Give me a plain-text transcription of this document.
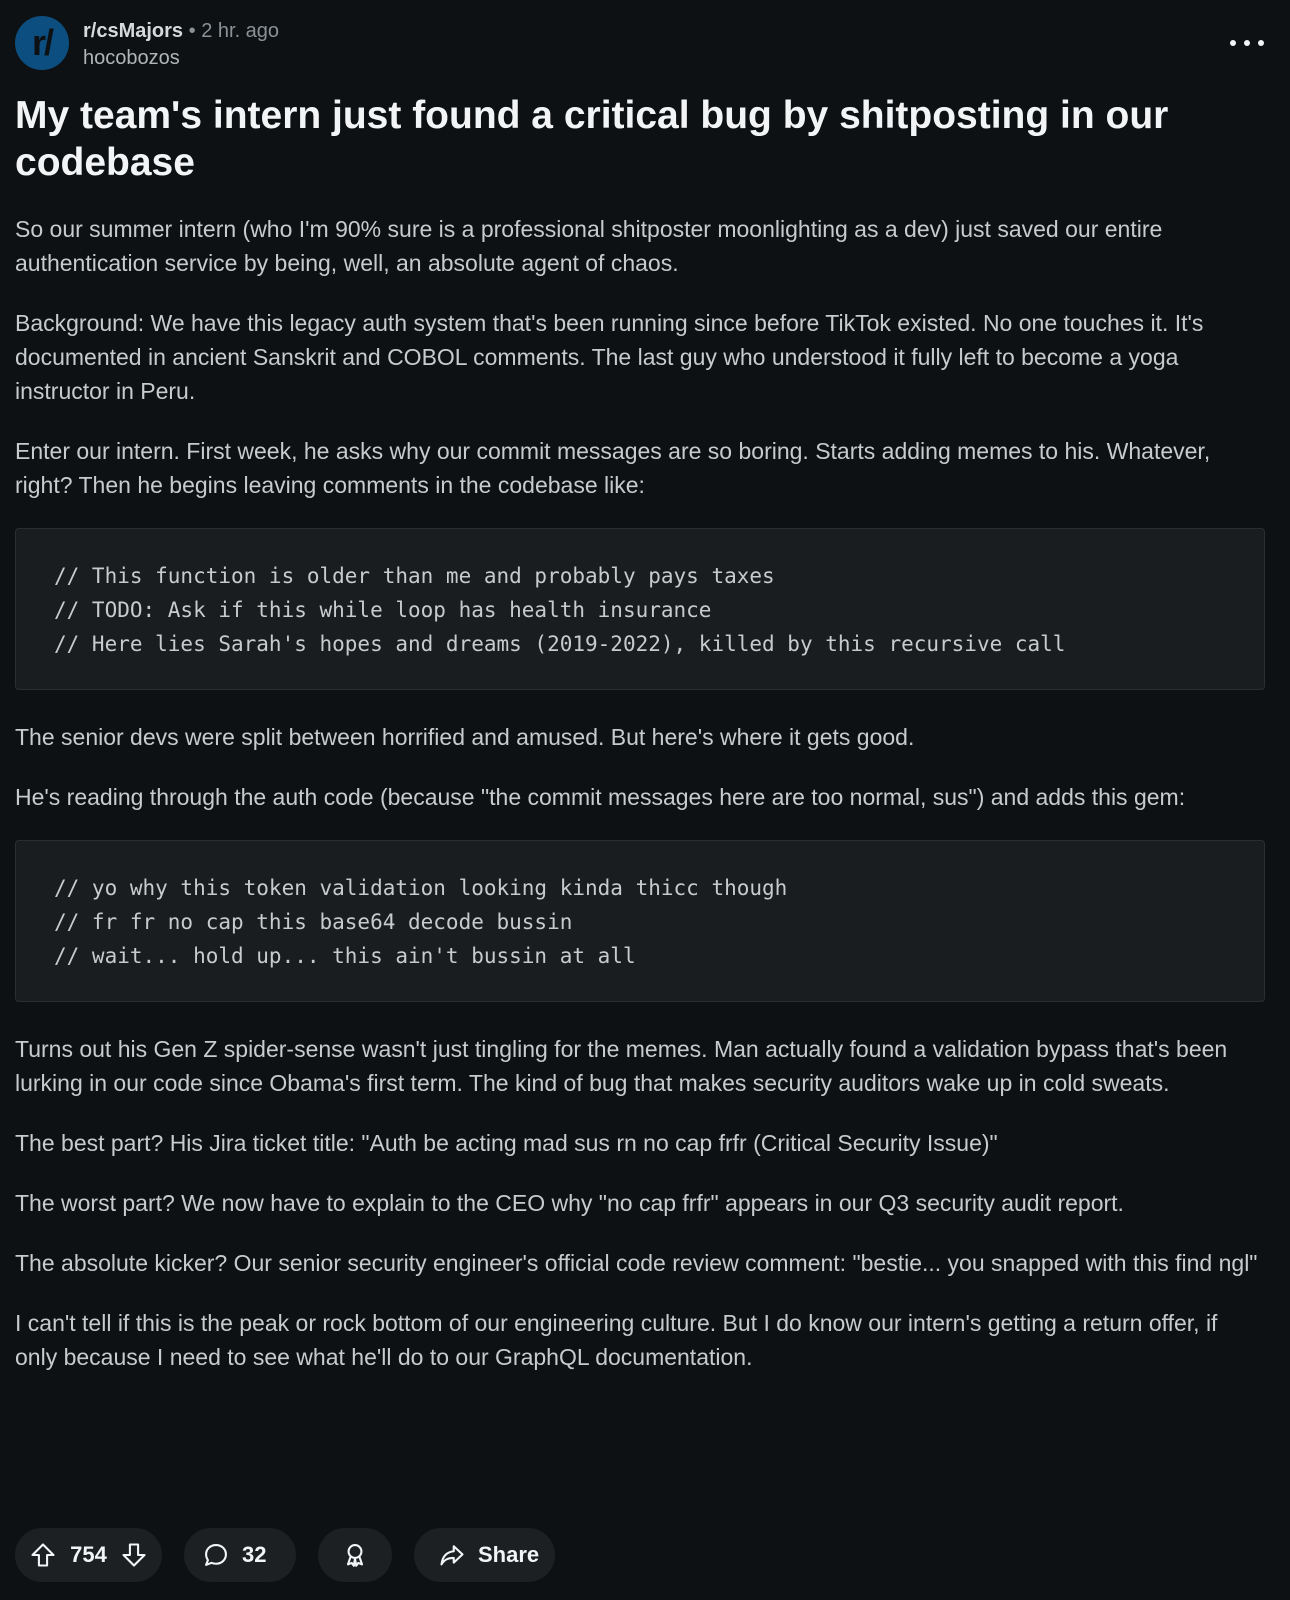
r/	r/csMajors • 2 hr. ago
hocobozos
My team's intern just found a critical bug by shitposting in our codebase

So our summer intern (who I'm 90% sure is a professional shitposter moonlighting as a dev) just saved our entire authentication service by being, well, an absolute agent of chaos.

Background: We have this legacy auth system that's been running since before TikTok existed. No one touches it. It's documented in ancient Sanskrit and COBOL comments. The last guy who understood it fully left to become a yoga instructor in Peru.

Enter our intern. First week, he asks why our commit messages are so boring. Starts adding memes to his. Whatever, right? Then he begins leaving comments in the codebase like:

// This function is older than me and probably pays taxes
// TODO: Ask if this while loop has health insurance
// Here lies Sarah's hopes and dreams (2019-2022), killed by this recursive call

The senior devs were split between horrified and amused. But here's where it gets good.

He's reading through the auth code (because "the commit messages here are too normal, sus") and adds this gem:

// yo why this token validation looking kinda thicc though
// fr fr no cap this base64 decode bussin
// wait... hold up... this ain't bussin at all

Turns out his Gen Z spider-sense wasn't just tingling for the memes. Man actually found a validation bypass that's been lurking in our code since Obama's first term. The kind of bug that makes security auditors wake up in cold sweats.

The best part? His Jira ticket title: "Auth be acting mad sus rn no cap frfr (Critical Security Issue)"

The worst part? We now have to explain to the CEO why "no cap frfr" appears in our Q3 security audit report.

The absolute kicker? Our senior security engineer's official code review comment: "bestie... you snapped with this find ngl"

I can't tell if this is the peak or rock bottom of our engineering culture. But I do know our intern's getting a return offer, if only because I need to see what he'll do to our GraphQL documentation.

754	32	Share
